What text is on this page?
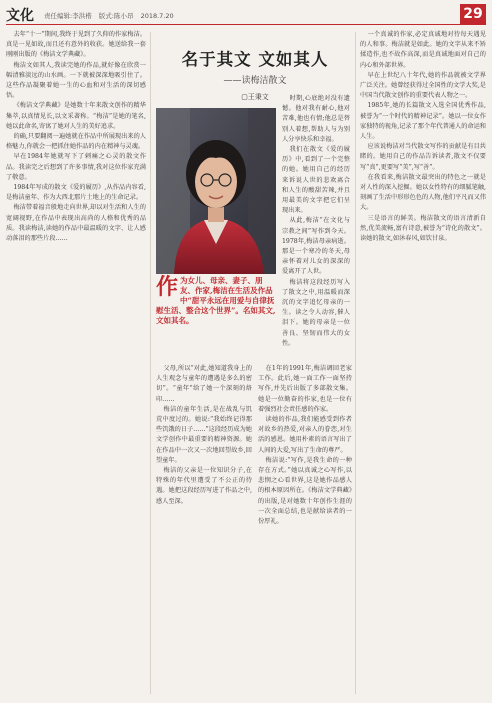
文化 责任编辑:李洪楷 版式:陈小昂 2018.7.20	29

去年“十一”期间,我终于见到了久仰的作家梅洁。真是一见如故,而且还有意外的收获。她送给我一套刚刚出版的《梅洁文学典藏》。

梅洁文如其人,我读完她的作品,就好像在欣赏一幅清雅淡远的山水画。一下就被深深地吸引住了。这些作品凝聚着她一生的心血和对生活的深切感悟。

《梅洁文学典藏》是她数十年来散文创作的精华集萃,以真情见长,以文采著称。“梅洁”是她的笔名,她以此命名,寄寓了她对人生的美好追求。

的确,只要翻阅一遍她就在作品中所展现出来的人格魅力,你就会一把抓住她作品的内在精神与灵魂。

早在1984年她就写下了刺痛之心灵的散文作品。我读完之后想到了许多事情,我对这位作家充满了敬意。

1984年写成的散文《爱的履历》,从作品内容看,是梅洁童年、作为大西北那片土地上的生命记录。

梅洁带着福音般地走向世界,却以对生活和人生的宽阔视野,在作品中表现出高尚的人格和优秀的品质。我读梅洁,读她的作品中最温暖的文字、让人感动落泪的那些片段……

名于其文 文如其人
——读梅洁散文
▢王秉文
作 为女儿、母亲、妻子、朋友、作家,梅洁在生活及作品中“甜平永远在用爱与自律抚慰生活、整合这个世界”。名如其文,文如其名。

时期,心底绝对没有遗憾。他对我有耐心,他对苦难,他也有情;他总是替别人着想,帮助人与为别人分享快乐和幸福。

我们在散文《爱的履历》中,看到了一个完整的她。她用自己的经历来诉说人世的悲欢离合和人生的酸甜苦辣,并且用最美的文字把它们呈现出来。

从此,梅洁“在文化与宗教之间”写作到今天。1978年,梅洁母亲病逝。那是一个寒冷的冬天,母亲怀着对儿女的深深的爱离开了人世。

梅洁将这段经历写入了散文之中,用温暖而深沉的文字追忆母亲的一生。读之令人动容,催人泪下。她的母亲是一位善良、坚韧而伟大的女性。

一个真诚的作家,必定真诚地对待每天遇见的人和事。梅洁就是如此。她的文字从来不矫揉造作,也不故作高深,而是真诚地面对自己的内心和外部世界。

早在上世纪八十年代,她的作品就被文学界广泛关注。她曾经获得过全国性的文学大奖,是中国当代散文创作的重要代表人物之一。

1985年,她的长篇散文入选全国优秀作品,被誉为“一个时代的精神记录”。她以一位女作家独特的视角,记录了那个年代普通人的命运和人生。

应该说梅洁对当代散文写作的贡献是有目共睹的。她用自己的作品告诉读者,散文不仅要写“真”,更要写“美”,写“善”。

在我看来,梅洁散文最突出的特色之一就是对人性的深入挖掘。她以女性特有的细腻笔触,刻画了生活中形形色色的人物,他们平凡而又伟大。

三是语言的鲜美。梅洁散文的语言清新自然,优美流畅,富有诗意,被誉为“诗化的散文”。读她的散文,如沐春风,如饮甘泉。

父母,所以“对此,她知道我身上的人生观念与童年的遭遇是多么的密切”。“童年”给了她一个深刻的烙印……

梅洁的童年生活,是在战乱与饥荒中度过的。她说:“我始终记得那些饥饿的日子……”这段经历成为她文学创作中最重要的精神资源。她在作品中一次又一次地回望故乡,回望童年。

梅洁的父亲是一位知识分子,在特殊的年代里遭受了不公正的待遇。她把这段经历写进了作品之中,感人至深。

在1年的1991年,梅洁调回老家工作。此后,她一面工作一面坚持写作,并先后出版了多部散文集。她是一位勤奋的作家,也是一位有着强烈社会责任感的作家。

读她的作品,我们能感受到作者对故乡的热爱,对亲人的眷恋,对生活的感恩。她用朴素的语言写出了人间的大爱,写出了生命的尊严。

梅洁说:“写作,是我生命的一种存在方式。”她以真诚之心写作,以悲悯之心看世界,这是她作品感人的根本原因所在。《梅洁文学典藏》的出版,是对她数十年创作生涯的一次全面总结,也是献给读者的一份厚礼。
